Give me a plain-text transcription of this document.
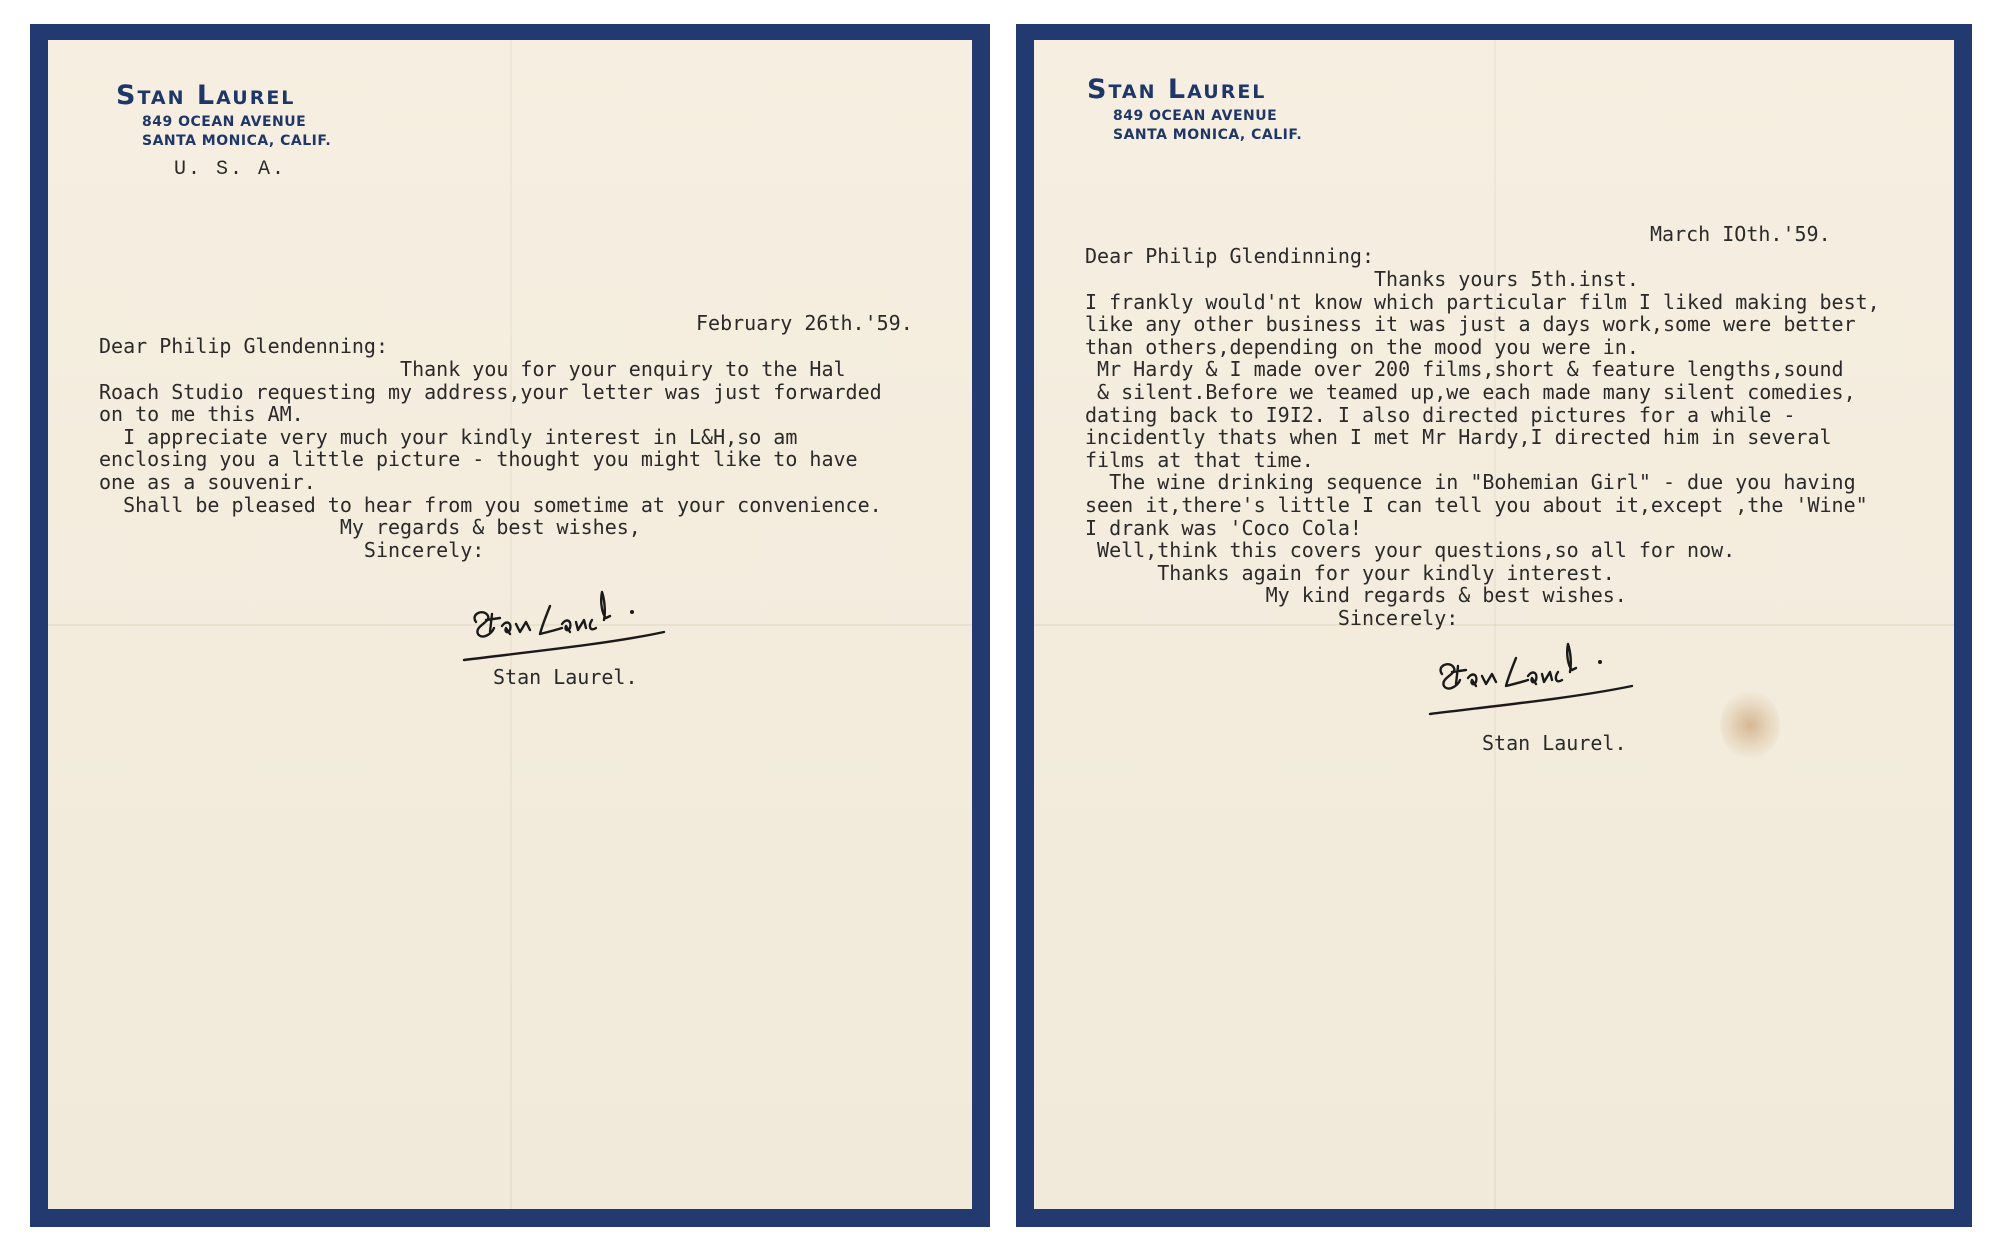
Stan Laurel
849 OCEAN AVENUE
SANTA MONICA, CALIF.
U. S. A.
February 26th.'59.
Dear Philip Glendenning:
Thank you for your enquiry to the Hal
Roach Studio requesting my address,your letter was just forwarded
on to me this AM.
I appreciate very much your kindly interest in L&H,so am
enclosing you a little picture - thought you might like to have
one as a souvenir.
Shall be pleased to hear from you sometime at your convenience.
My regards & best wishes,
Sincerely:
Stan Laurel.
Stan Laurel
849 OCEAN AVENUE
SANTA MONICA, CALIF.
March IOth.'59.
Dear Philip Glendinning:
Thanks yours 5th.inst.
I frankly would'nt know which particular film I liked making best,
like any other business it was just a days work,some were better
than others,depending on the mood you were in.
Mr Hardy & I made over 200 films,short & feature lengths,sound
& silent.Before we teamed up,we each made many silent comedies,
dating back to I9I2. I also directed pictures for a while -
incidently thats when I met Mr Hardy,I directed him in several
films at that time.
The wine drinking sequence in "Bohemian Girl" - due you having
seen it,there's little I can tell you about it,except ,the 'Wine"
I drank was 'Coco Cola!
Well,think this covers your questions,so all for now.
Thanks again for your kindly interest.
My kind regards & best wishes.
Sincerely:
Stan Laurel.
